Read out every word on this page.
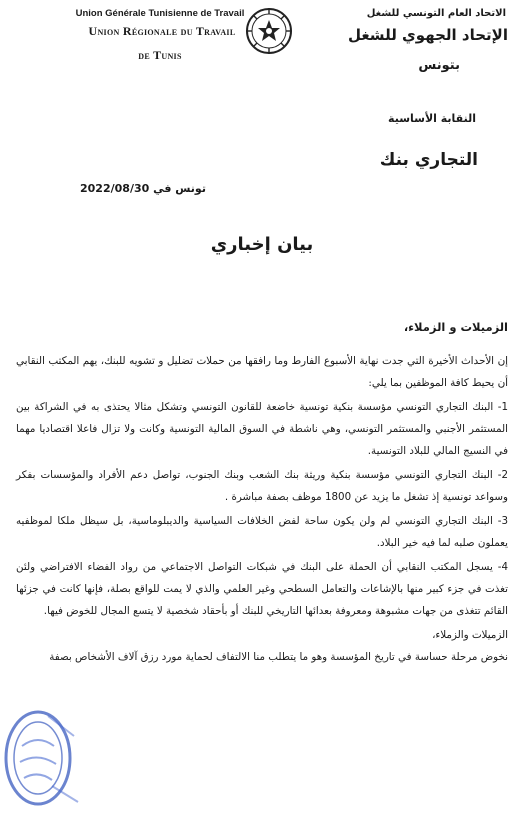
Union Générale Tunisienne de Travail
Union Régionale du Travail
de Tunis
الاتحاد العام التونسي للشغل
الإتحاد الجهوي للشغل
بتونس
النقابة الأساسية
التجاري بنك
تونس في 2022/08/30
بيان إخباري
الزميلات و الزملاء،

إن الأحداث الأخيرة التي جدت نهاية الأسبوع الفارط وما رافقها من حملات تضليل و تشويه للبنك، يهم المكتب النقابي أن يحيط كافة الموظفين بما يلي:

1- البنك التجاري التونسي مؤسسة بنكية تونسية خاضعة للقانون التونسي وتشكل مثالا يحتذى به في الشراكة بين المستثمر الأجنبي والمستثمر التونسي، وهي ناشطة في السوق المالية التونسية وكانت ولا تزال فاعلا اقتصاديا مهما في النسيج المالي للبلاد التونسية.

2- البنك التجاري التونسي مؤسسة بنكية وريثة بنك الشعب وبنك الجنوب، تواصل دعم الأفراد والمؤسسات بفكر وسواعد تونسية إذ تشغل ما يزيد عن 1800 موظف بصفة مباشرة .

3- البنك التجاري التونسي لم ولن يكون ساحة لفض الخلافات السياسية والديبلوماسية، بل سيظل ملكا لموظفيه يعملون صلبه لما فيه خير البلاد.

4- يسجل المكتب النقابي أن الحملة على البنك في شبكات التواصل الاجتماعي من رواد الفضاء الافتراضي ولئن تغذت في جزء كبير منها بالإشاعات والتعامل السطحي وغير العلمي والذي لا يمت للواقع بصلة، فإنها كانت في جزئها القائم تتغذى من جهات مشبوهة ومعروفة بعدائها التاريخي للبنك أو بأحقاد شخصية لا يتسع المجال للخوض فيها.

الزميلات والزملاء،

نخوض مرحلة حساسة في تاريخ المؤسسة وهو ما يتطلب منا الالتفاف لحماية مورد رزق آلاف الأشخاص بصفة
